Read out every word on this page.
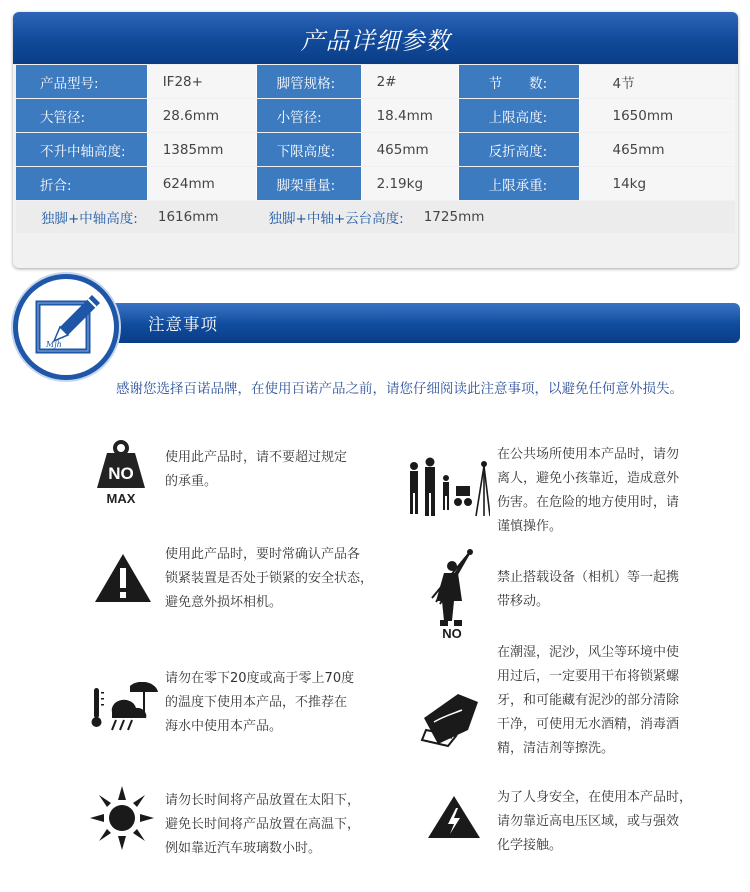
产品详细参数
产品型号:	IF28+	脚管规格:	2#	节　　数:	4节
大管径:	28.6mm	小管径:	18.4mm	上限高度:	1650mm
不升中轴高度:	1385mm	下限高度:	465mm	反折高度:	465mm
折合:	624mm	脚架重量:	2.19kg	上限承重:	14kg
独脚+中轴高度: 1616mm	独脚+中轴+云台高度: 1725mm
注意事项
Mjh
感谢您选择百诺品牌，在使用百诺产品之前，请您仔细阅读此注意事项，以避免任何意外损失。
NO
MAX
使用此产品时，请不要超过规定
的承重。
在公共场所使用本产品时，请勿
离人，避免小孩靠近，造成意外
伤害。在危险的地方使用时，请
谨慎操作。
使用此产品时，要时常确认产品各
锁紧装置是否处于锁紧的安全状态，
避免意外损坏相机。
NO
禁止搭载设备（相机）等一起携
带移动。
请勿在零下20度或高于零上70度
的温度下使用本产品，不推荐在
海水中使用本产品。
在潮湿，泥沙，风尘等环境中使
用过后，一定要用干布将锁紧螺
牙，和可能藏有泥沙的部分清除
干净，可使用无水酒精，消毒酒
精，清洁剂等擦洗。
请勿长时间将产品放置在太阳下，
避免长时间将产品放置在高温下，
例如靠近汽车玻璃数小时。
为了人身安全，在使用本产品时，
请勿靠近高电压区域，或与强效
化学接触。
